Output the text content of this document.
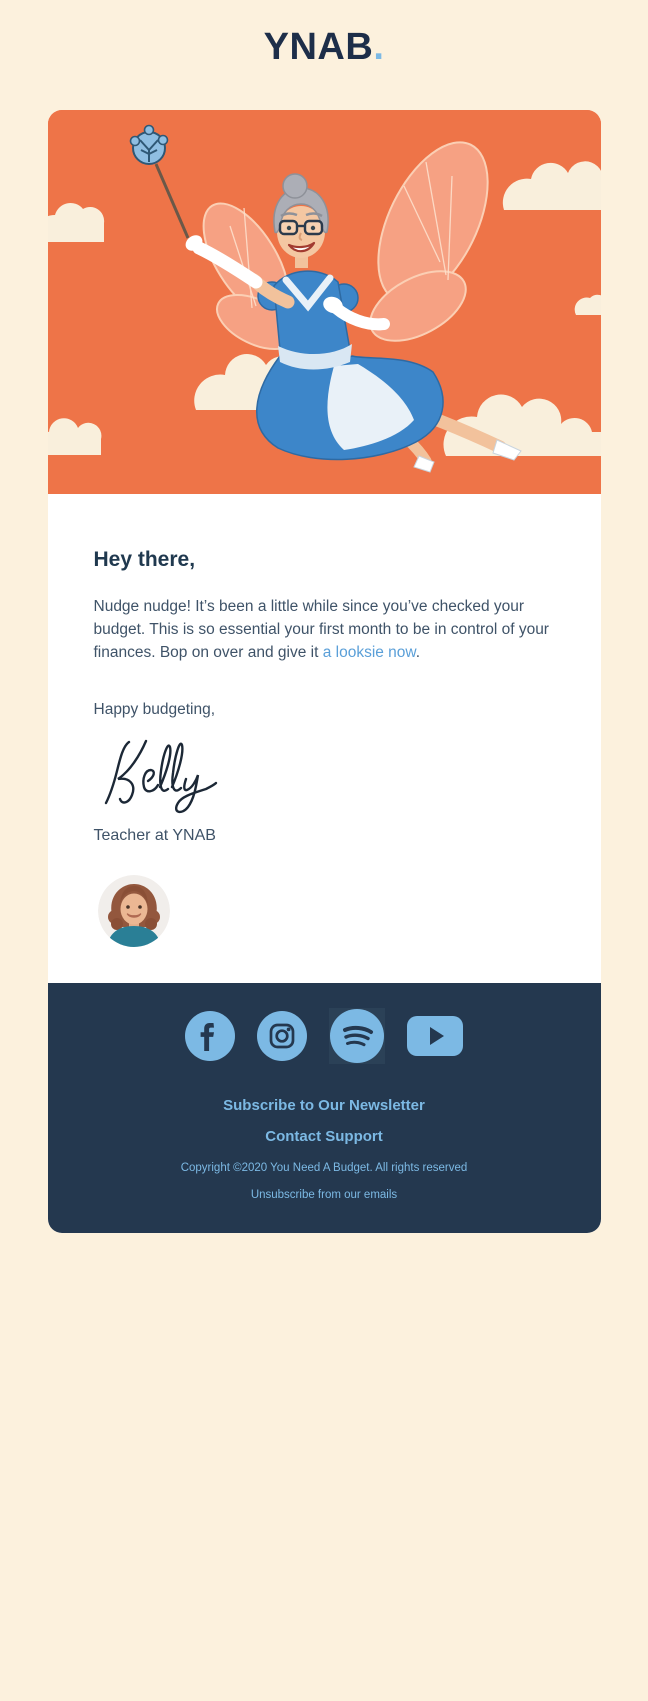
YNAB.
Hey there,

Nudge nudge! It’s been a little while since you’ve checked your budget. This is so essential your first month to be in control of your finances. Bop on over and give it a looksie now.

Happy budgeting,
Teacher at YNAB
Subscribe to Our Newsletter
Contact Support
Copyright ©2020 You Need A Budget. All rights reserved
Unsubscribe from our emails
